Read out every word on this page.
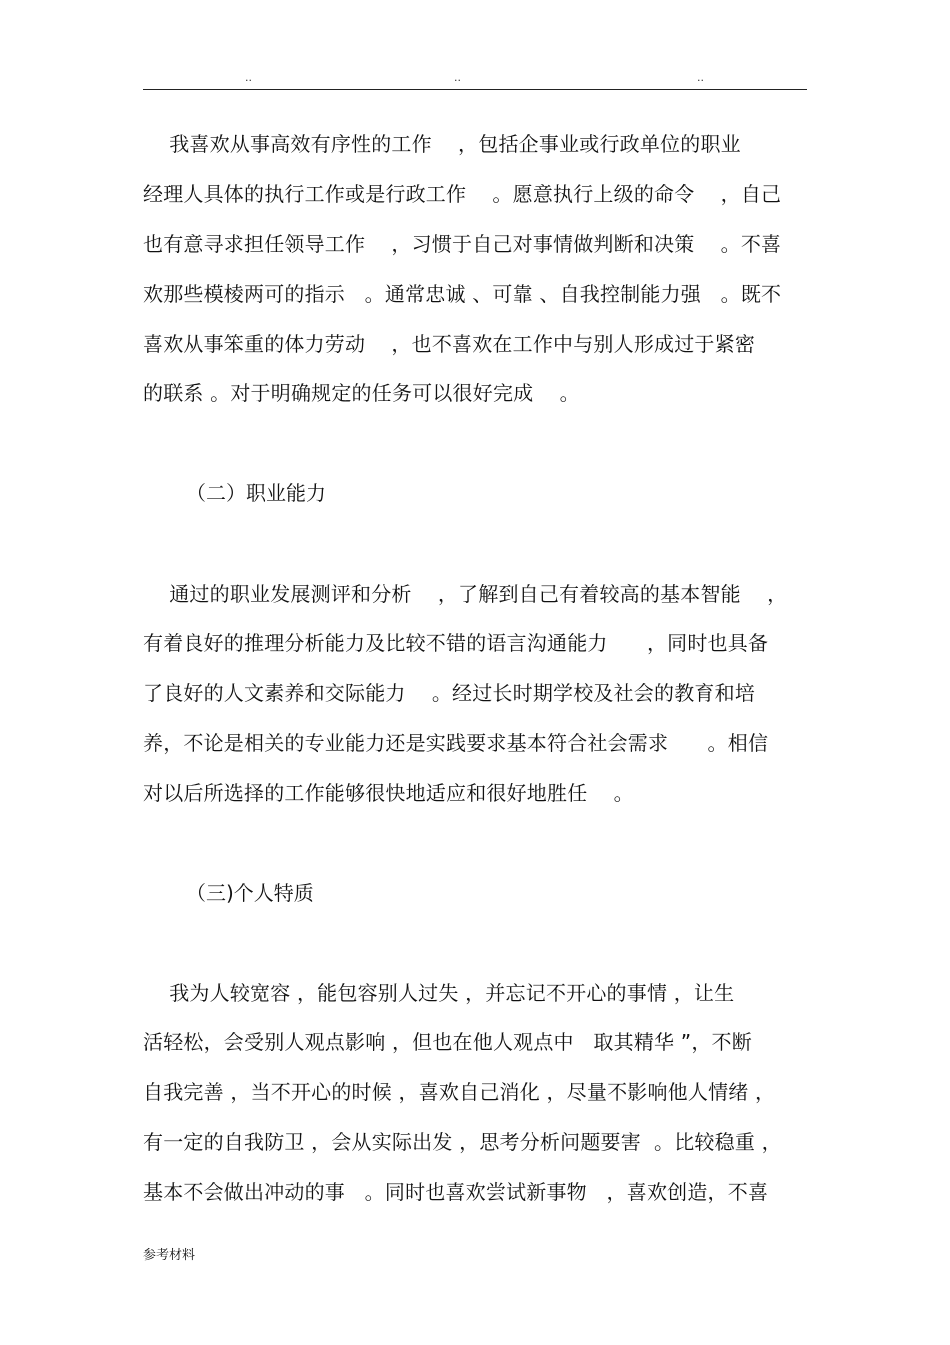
..	..	..
我喜欢从事高效有序性的工作    ，包括企事业或行政单位的职业
经理人具体的执行工作或是行政工作    。愿意执行上级的命令    ，自己
也有意寻求担任领导工作    ，习惯于自己对事情做判断和决策    。不喜
欢那些模棱两可的指示   。通常忠诚 、可靠 、自我控制能力强   。既不
喜欢从事笨重的体力劳动    ，也不喜欢在工作中与别人形成过于紧密
的联系 。对于明确规定的任务可以很好完成    。
（二）职业能力
通过的职业发展测评和分析    ，了解到自己有着较高的基本智能    ，
有着良好的推理分析能力及比较不错的语言沟通能力      ，同时也具备
了良好的人文素养和交际能力    。经过长时期学校及社会的教育和培
养，不论是相关的专业能力还是实践要求基本符合社会需求      。相信
对以后所选择的工作能够很快地适应和很好地胜任    。
（三)个人特质
我为人较宽容 ，能包容别人过失 ，并忘记不开心的事情 ，让生
活轻松，会受别人观点影响 ，但也在他人观点中   取其精华 ”，不断
自我完善 ，当不开心的时候 ，喜欢自己消化 ，尽量不影响他人情绪 ，
有一定的自我防卫 ，会从实际出发 ，思考分析问题要害  。比较稳重 ，
基本不会做出冲动的事   。同时也喜欢尝试新事物   ，喜欢创造，不喜
参考材料
